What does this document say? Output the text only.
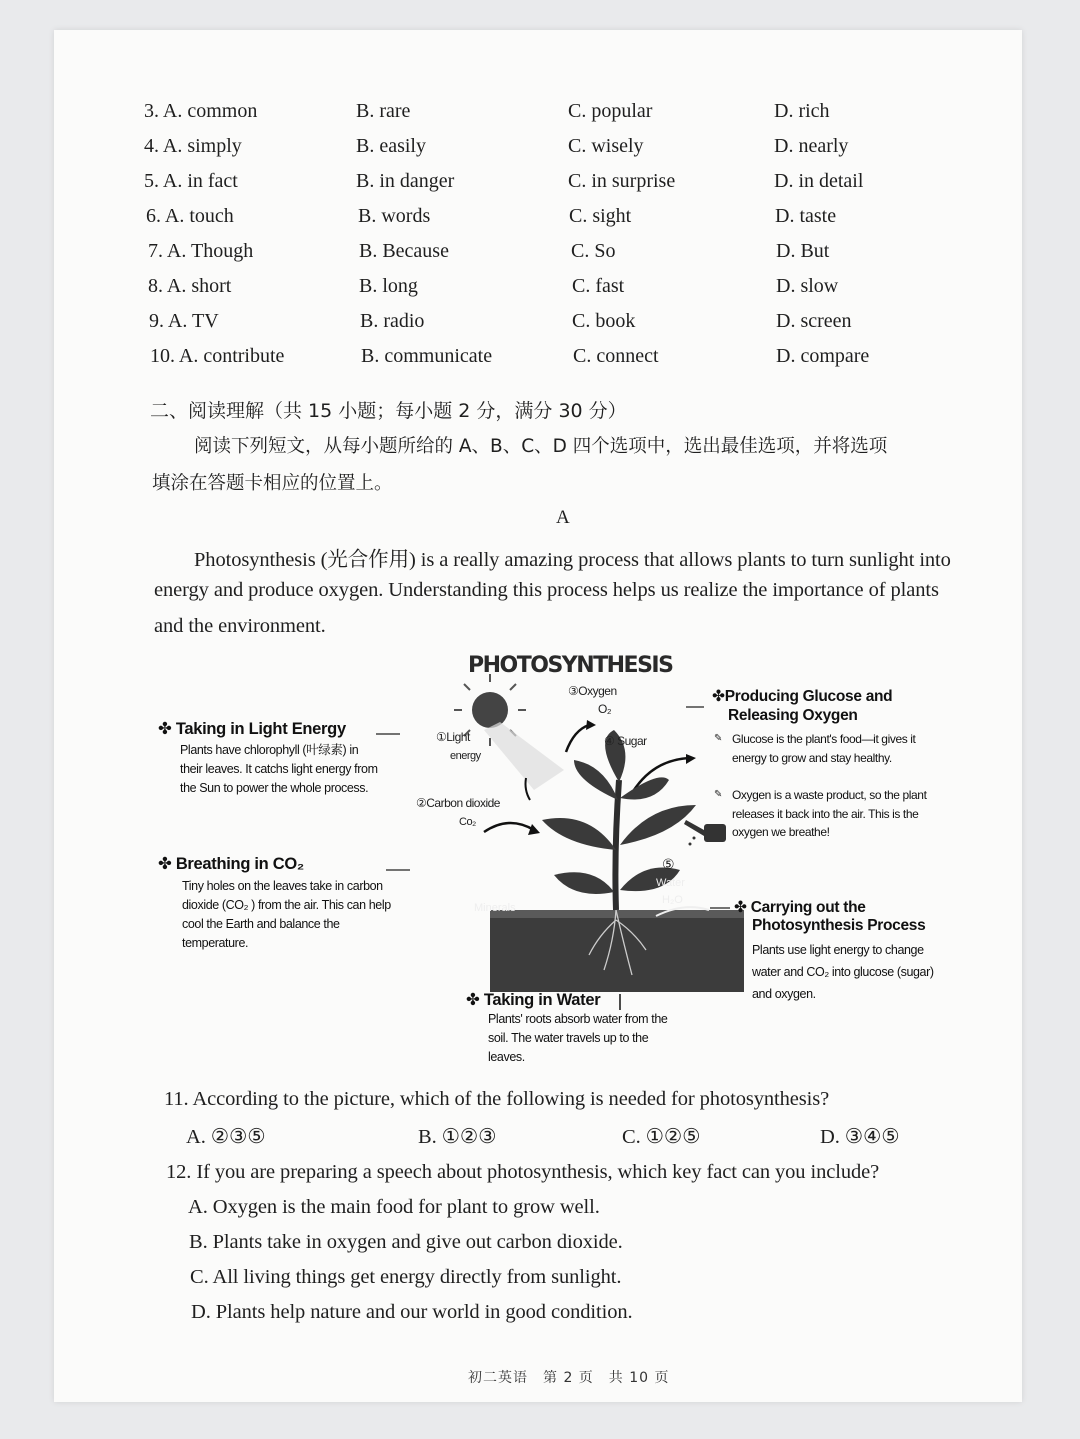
3. A. common	B. rare	C. popular	D. rich
4. A. simply	B. easily	C. wisely	D. nearly
5. A. in fact	B. in danger	C. in surprise	D. in detail
6. A. touch	B. words	C. sight	D. taste
7. A. Though	B. Because	C. So	D. But
8. A. short	B. long	C. fast	D. slow
9. A. TV	B. radio	C. book	D. screen
10. A. contribute	B. communicate	C. connect	D. compare
二、阅读理解（共 15 小题；每小题 2 分，满分 30 分）
阅读下列短文，从每小题所给的 A、B、C、D 四个选项中，选出最佳选项，并将选项
填涂在答题卡相应的位置上。
A
Photosynthesis (光合作用) is a really amazing process that allows plants to turn sunlight into
energy and produce oxygen. Understanding this process helps us realize the importance of plants
and the environment.
PHOTOSYNTHESIS
③Oxygen
O₂
①Light
energy
④ Sugar
②Carbon dioxide
Co₂
⑤
Water
H₂O
Minerals
✤ Taking in Light Energy
Plants have chlorophyll (叶绿素) in their leaves. It catchs light energy from the Sun to power the whole process.
✤ Breathing in CO₂
Tiny holes on the leaves take in carbon dioxide (CO₂ ) from the air. This can help cool the Earth and balance the temperature.
✤ Taking in Water
Plants' roots absorb water from the soil. The water travels up to the leaves.
✤Producing Glucose and
Releasing Oxygen
✎ Glucose is the plant's food—it gives it energy to grow and stay healthy.
✎ Oxygen is a waste product, so the plant releases it back into the air. This is the oxygen we breathe!
✤ Carrying out the
Photosynthesis Process
Plants use light energy to change water and CO₂ into glucose (sugar) and oxygen.
11. According to the picture, which of the following is needed for photosynthesis?
A. ②③⑤	B. ①②③	C. ①②⑤	D. ③④⑤
12. If you are preparing a speech about photosynthesis, which key fact can you include?
A. Oxygen is the main food for plant to grow well.
B. Plants take in oxygen and give out carbon dioxide.
C. All living things get energy directly from sunlight.
D. Plants help nature and our world in good condition.
初二英语　第 2 页　共 10 页
